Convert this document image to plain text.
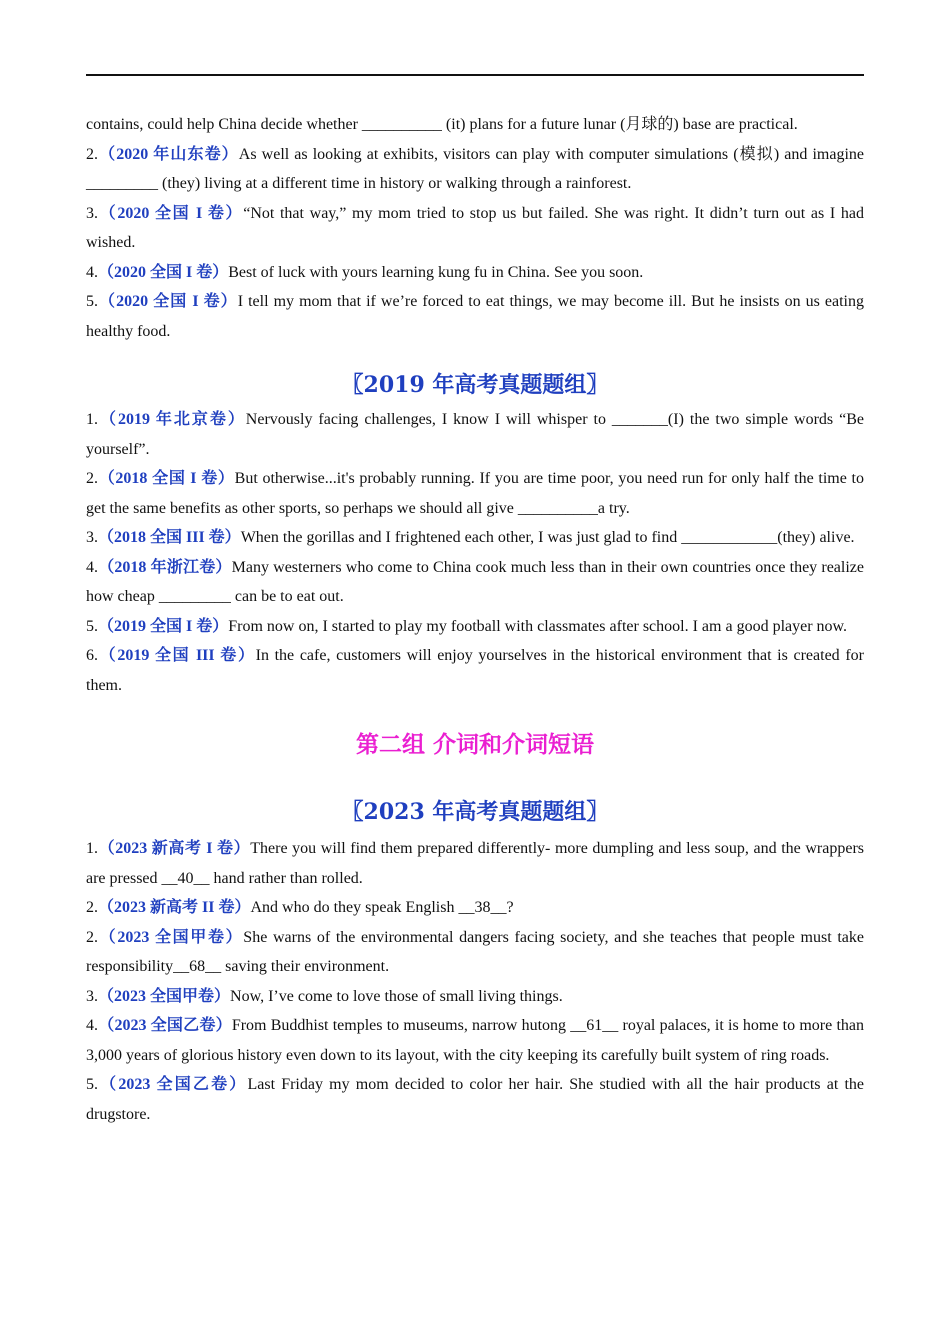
contains, could help China decide whether __________ (it) plans for a future lunar (月球的) base are practical.

2.（2020 年山东卷）As well as looking at exhibits, visitors can play with computer simulations (模拟) and imagine _________ (they) living at a different time in history or walking through a rainforest.

3.（2020 全国 I 卷）“Not that way,” my mom tried to stop us but failed. She was right. It didn’t turn out as I had wished.

4.（2020 全国 I 卷）Best of luck with yours learning kung fu in China. See you soon.

5.（2020 全国 I 卷）I tell my mom that if we’re forced to eat things, we may become ill. But he insists on us eating healthy food.

〖2019 年高考真题题组〗

1.（2019 年北京卷）Nervously facing challenges, I know I will whisper to _______(I) the two simple words “Be yourself”.

2.（2018 全国 I 卷）But otherwise...it's probably running. If you are time poor, you need run for only half the time to get the same benefits as other sports, so perhaps we should all give __________a try.

3.（2018 全国 III 卷）When the gorillas and I frightened each other, I was just glad to find ____________(they) alive.

4.（2018 年浙江卷）Many westerners who come to China cook much less than in their own countries once they realize how cheap _________ can be to eat out.

5.（2019 全国 I 卷）From now on, I started to play my football with classmates after school. I am a good player now.

6.（2019 全国 III 卷）In the cafe, customers will enjoy yourselves in the historical environment that is created for them.

第二组 介词和介词短语
〖2023 年高考真题题组〗

1.（2023 新高考 I 卷）There you will find them prepared differently- more dumpling and less soup, and the wrappers are pressed __40__ hand rather than rolled.

2.（2023 新高考 II 卷）And who do they speak English __38__?

2.（2023 全国甲卷）She warns of the environmental dangers facing society, and she teaches that people must take responsibility__68__ saving their environment.

3.（2023 全国甲卷）Now, I’ve come to love those of small living things.

4.（2023 全国乙卷）From Buddhist temples to museums, narrow hutong __61__ royal palaces, it is home to more than 3,000 years of glorious history even down to its layout, with the city keeping its carefully built system of ring roads.

5.（2023 全国乙卷）Last Friday my mom decided to color her hair. She studied with all the hair products at the drugstore.
